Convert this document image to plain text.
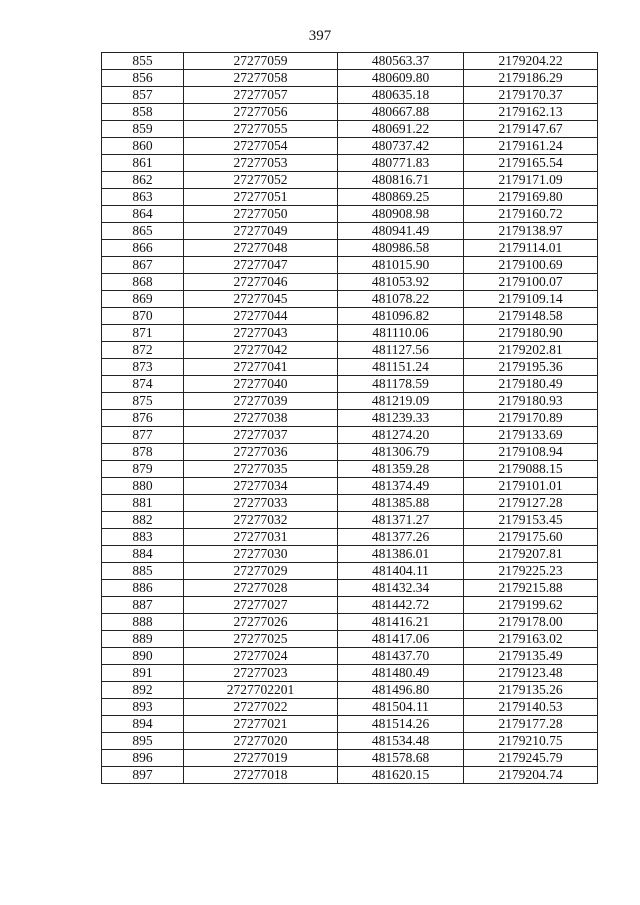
397
855	27277059	480563.37	2179204.22
856	27277058	480609.80	2179186.29
857	27277057	480635.18	2179170.37
858	27277056	480667.88	2179162.13
859	27277055	480691.22	2179147.67
860	27277054	480737.42	2179161.24
861	27277053	480771.83	2179165.54
862	27277052	480816.71	2179171.09
863	27277051	480869.25	2179169.80
864	27277050	480908.98	2179160.72
865	27277049	480941.49	2179138.97
866	27277048	480986.58	2179114.01
867	27277047	481015.90	2179100.69
868	27277046	481053.92	2179100.07
869	27277045	481078.22	2179109.14
870	27277044	481096.82	2179148.58
871	27277043	481110.06	2179180.90
872	27277042	481127.56	2179202.81
873	27277041	481151.24	2179195.36
874	27277040	481178.59	2179180.49
875	27277039	481219.09	2179180.93
876	27277038	481239.33	2179170.89
877	27277037	481274.20	2179133.69
878	27277036	481306.79	2179108.94
879	27277035	481359.28	2179088.15
880	27277034	481374.49	2179101.01
881	27277033	481385.88	2179127.28
882	27277032	481371.27	2179153.45
883	27277031	481377.26	2179175.60
884	27277030	481386.01	2179207.81
885	27277029	481404.11	2179225.23
886	27277028	481432.34	2179215.88
887	27277027	481442.72	2179199.62
888	27277026	481416.21	2179178.00
889	27277025	481417.06	2179163.02
890	27277024	481437.70	2179135.49
891	27277023	481480.49	2179123.48
892	2727702201	481496.80	2179135.26
893	27277022	481504.11	2179140.53
894	27277021	481514.26	2179177.28
895	27277020	481534.48	2179210.75
896	27277019	481578.68	2179245.79
897	27277018	481620.15	2179204.74
